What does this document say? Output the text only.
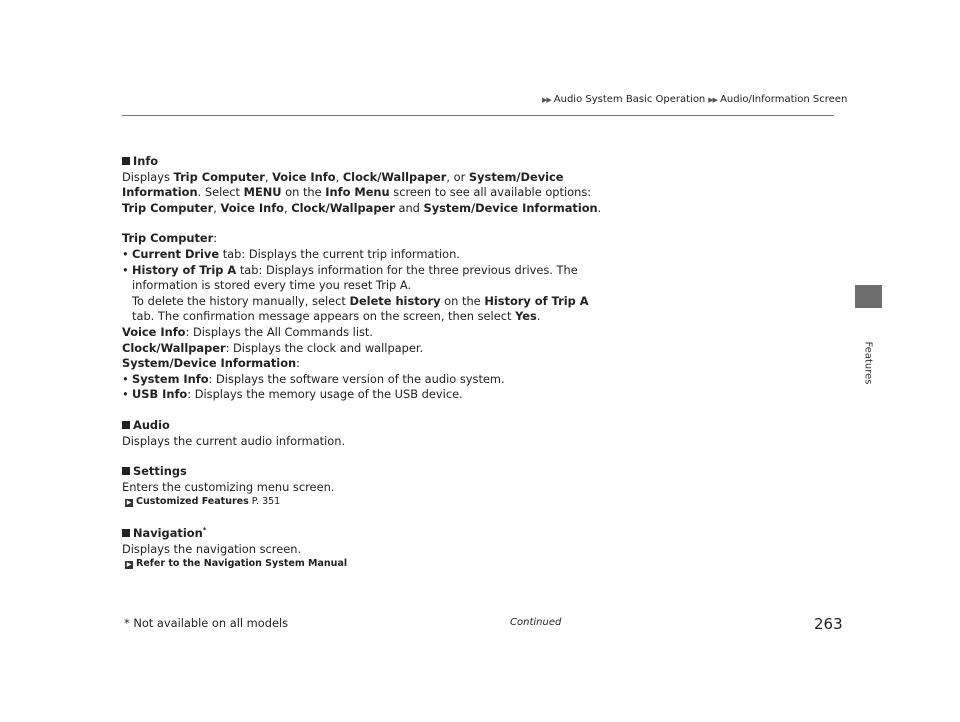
▶▶ Audio System Basic Operation ▶▶ Audio/Information Screen
Features

Info

Displays Trip Computer, Voice Info, Clock/Wallpaper, or System/Device

Information. Select MENU on the Info Menu screen to see all available options:

Trip Computer, Voice Info, Clock/Wallpaper and System/Device Information.

Trip Computer:

• Current Drive tab: Displays the current trip information.
• History of Trip A tab: Displays information for the three previous drives. The

information is stored every time you reset Trip A.

To delete the history manually, select Delete history on the History of Trip A

tab. The confirmation message appears on the screen, then select Yes.

Voice Info: Displays the All Commands list.

Clock/Wallpaper: Displays the clock and wallpaper.

System/Device Information:

• System Info: Displays the software version of the audio system.
• USB Info: Displays the memory usage of the USB device.

Audio

Displays the current audio information.

Settings

Enters the customizing menu screen.

▶ Customized Features P. 351

Navigation*

Displays the navigation screen.

▶ Refer to the Navigation System Manual

* Not available on all models	Continued	263
